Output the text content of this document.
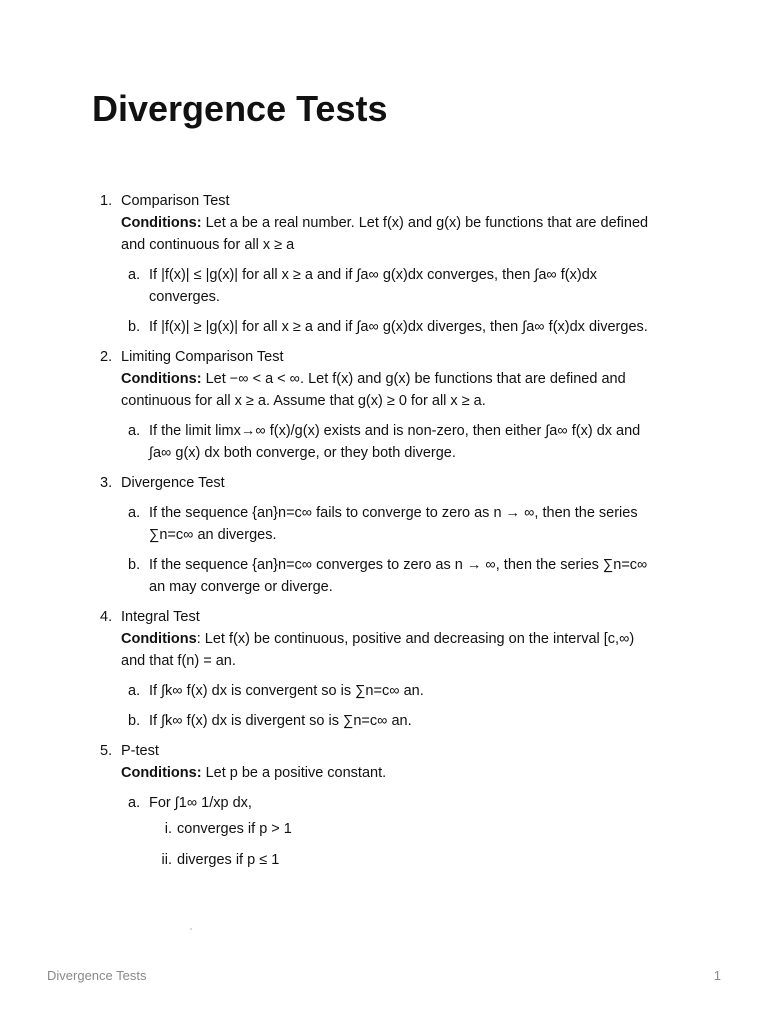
Divergence Tests
1. Comparison Test
Conditions: Let a be a real number. Let f(x) and g(x) be functions that are defined and continuous for all x ≥ a
a. If |f(x)| ≤ |g(x)| for all x ≥ a and if ∫a∞ g(x)dx converges, then ∫a∞ f(x)dx converges.
b. If |f(x)| ≥ |g(x)| for all x ≥ a and if ∫a∞ g(x)dx diverges, then ∫a∞ f(x)dx diverges.
2. Limiting Comparison Test
Conditions: Let −∞ < a < ∞. Let f(x) and g(x) be functions that are defined and continuous for all x ≥ a. Assume that g(x) ≥ 0 for all x ≥ a.
a. If the limit limx→∞ f(x)/g(x) exists and is non-zero, then either ∫a∞ f(x) dx and ∫a∞ g(x) dx both converge, or they both diverge.
3. Divergence Test
a. If the sequence {an}n=c∞ fails to converge to zero as n → ∞, then the series ∑n=c∞ an diverges.
b. If the sequence {an}n=c∞ converges to zero as n → ∞, then the series ∑n=c∞ an may converge or diverge.
4. Integral Test
Conditions: Let f(x) be continuous, positive and decreasing on the interval [c,∞) and that f(n) = an.
a. If ∫k∞ f(x) dx is convergent so is ∑n=c∞ an.
b. If ∫k∞ f(x) dx is divergent so is ∑n=c∞ an.
5. P-test
Conditions: Let p be a positive constant.
a. For ∫1∞ 1/xp dx,
i. converges if p > 1
ii. diverges if p ≤ 1
Divergence Tests	1
